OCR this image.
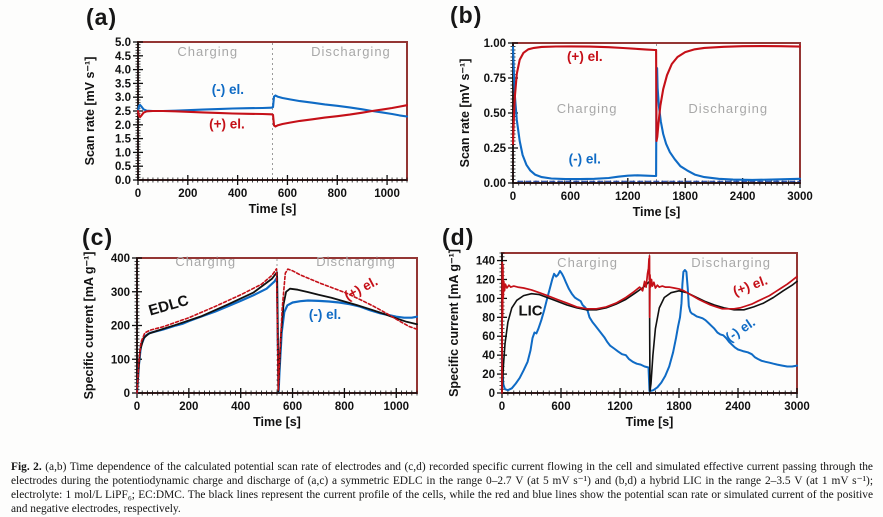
(a)
0	200	400	600	800 1000
0.0
0.5
1.0
1.5
2.0
2.5
3.0
3.5
4.0
4.5
5.0
Charging	Discharging
(-) el.
(+) el.
Time [s]
Scan rate [mV s⁻¹]
(b)
0	600	1200	1800	2400	3000
0.00
0.25
0.50
0.75
1.00
(+) el.
Charging	Discharging
(-) el.
Time [s]
Scan rate [mV s⁻¹]
(c)
0	200	400	600	800	1000
0
100
200
300
400	Charging	Discharging
EDLC
(+) el.
(-) el.
Time [s]
Specific current [mA g⁻¹]
(d)
0	600	1200	1800	2400	3000
0
20
40
60
80
100
120
140	Charging	Discharging
LIC
(+) el.
(-) el.
Time [s]
Specific current [mA g⁻¹]

Fig. 2. (a,b) Time dependence of the calculated potential scan rate of electrodes and (c,d) recorded specific current flowing in the cell and simulated effective current passing through the electrodes during the potentiodynamic charge and discharge of (a,c) a symmetric EDLC in the range 0–2.7 V (at 5 mV s⁻¹) and (b,d) a hybrid LIC in the range 2–3.5 V (at 1 mV s⁻¹); electrolyte: 1 mol/L LiPF₆; EC:DMC. The black lines represent the current profile of the cells, while the red and blue lines show the potential scan rate or simulated current of the positive and negative electrodes, respectively.
